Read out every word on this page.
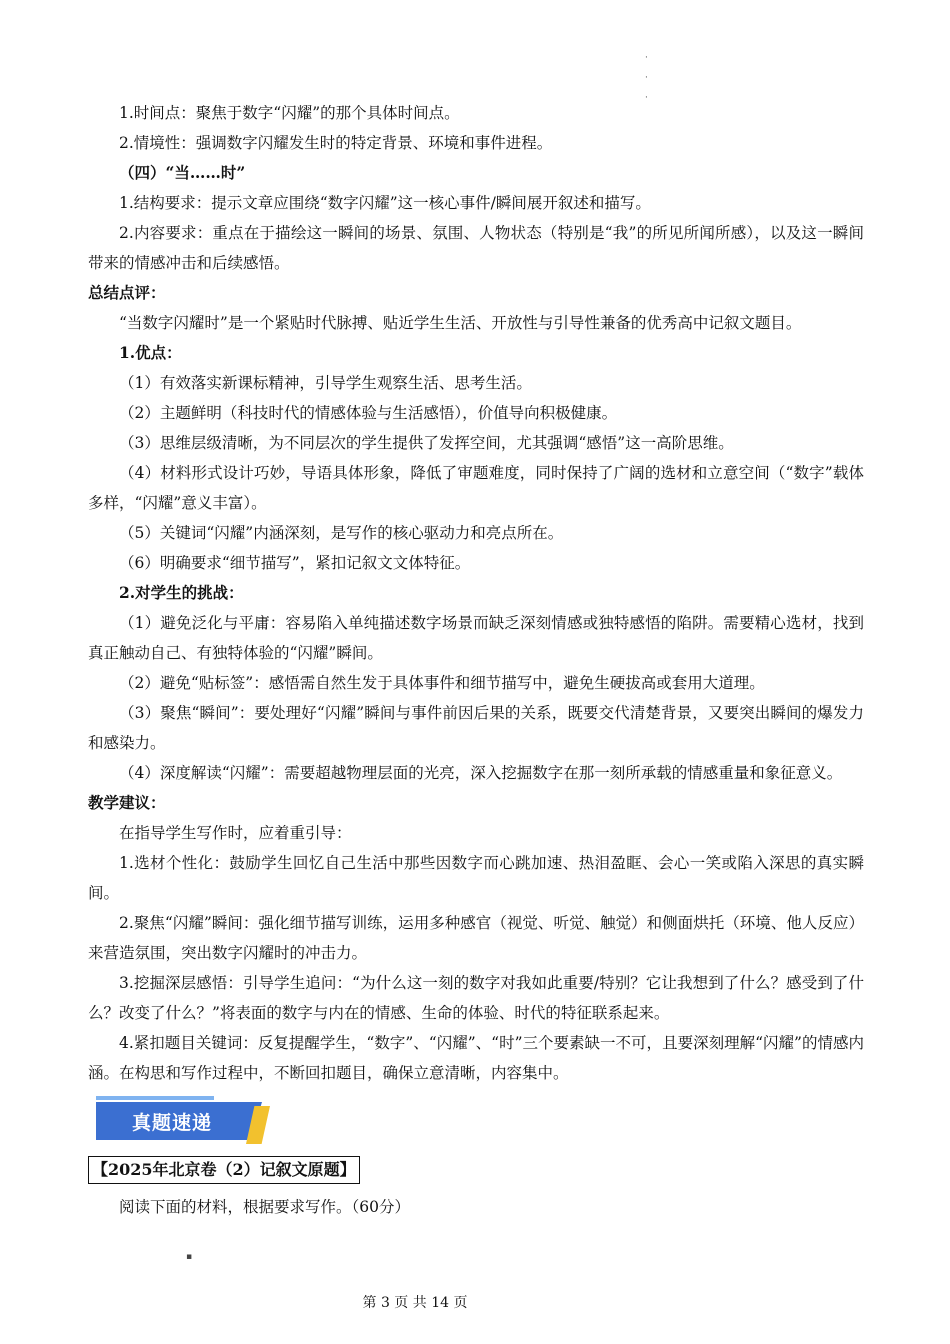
·
·
·

1.时间点：聚焦于数字“闪耀”的那个具体时间点。

2.情境性：强调数字闪耀发生时的特定背景、环境和事件进程。

（四）“当……时”

1.结构要求：提示文章应围绕“数字闪耀”这一核心事件/瞬间展开叙述和描写。

2.内容要求：重点在于描绘这一瞬间的场景、氛围、人物状态（特别是“我”的所见所闻所感），以及这一瞬间带来的情感冲击和后续感悟。

总结点评：

“当数字闪耀时”是一个紧贴时代脉搏、贴近学生生活、开放性与引导性兼备的优秀高中记叙文题目。

1.优点：

（1）有效落实新课标精神，引导学生观察生活、思考生活。

（2）主题鲜明（科技时代的情感体验与生活感悟），价值导向积极健康。

（3）思维层级清晰，为不同层次的学生提供了发挥空间，尤其强调“感悟”这一高阶思维。

（4）材料形式设计巧妙，导语具体形象，降低了审题难度，同时保持了广阔的选材和立意空间（“数字”载体多样，“闪耀”意义丰富）。

（5）关键词“闪耀”内涵深刻，是写作的核心驱动力和亮点所在。

（6）明确要求“细节描写”，紧扣记叙文文体特征。

2.对学生的挑战：

（1）避免泛化与平庸：容易陷入单纯描述数字场景而缺乏深刻情感或独特感悟的陷阱。需要精心选材，找到真正触动自己、有独特体验的“闪耀”瞬间。

（2）避免“贴标签”：感悟需自然生发于具体事件和细节描写中，避免生硬拔高或套用大道理。

（3）聚焦“瞬间”：要处理好“闪耀”瞬间与事件前因后果的关系，既要交代清楚背景，又要突出瞬间的爆发力和感染力。

（4）深度解读“闪耀”：需要超越物理层面的光亮，深入挖掘数字在那一刻所承载的情感重量和象征意义。

教学建议：

在指导学生写作时，应着重引导：

1.选材个性化：鼓励学生回忆自己生活中那些因数字而心跳加速、热泪盈眶、会心一笑或陷入深思的真实瞬间。

2.聚焦“闪耀”瞬间：强化细节描写训练，运用多种感官（视觉、听觉、触觉）和侧面烘托（环境、他人反应）来营造氛围，突出数字闪耀时的冲击力。

3.挖掘深层感悟：引导学生追问：“为什么这一刻的数字对我如此重要/特别？它让我想到了什么？感受到了什么？改变了什么？”将表面的数字与内在的情感、生命的体验、时代的特征联系起来。

4.紧扣题目关键词：反复提醒学生，“数字”、“闪耀”、“时”三个要素缺一不可，且要深刻理解“闪耀”的情感内涵。在构思和写作过程中，不断回扣题目，确保立意清晰，内容集中。

真题速递
【2025年北京卷（2）记叙文原题】

阅读下面的材料，根据要求写作。（60分）

▪
第 3 页 共 14 页
